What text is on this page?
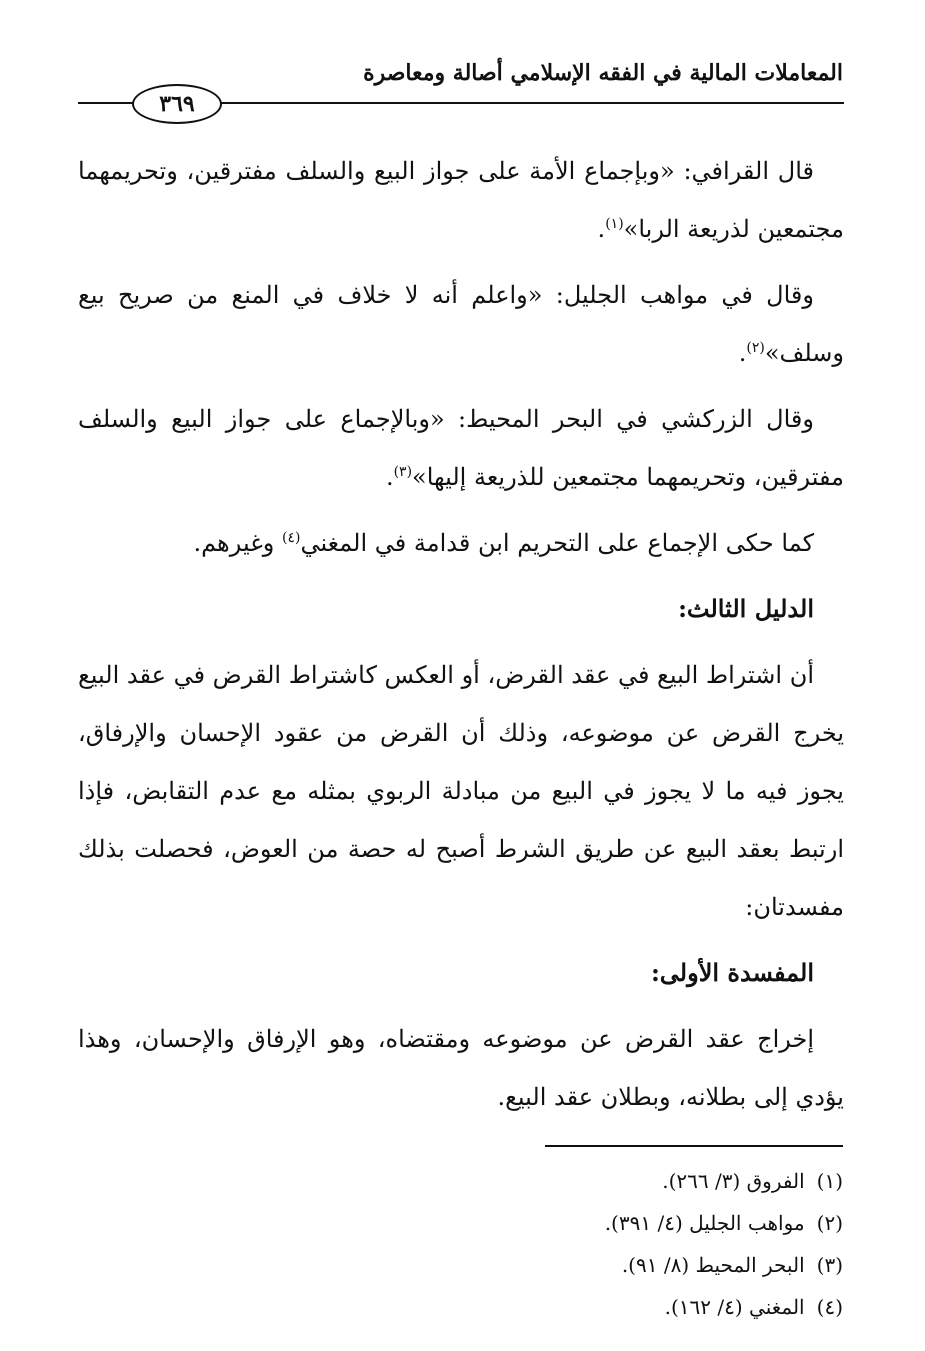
المعاملات المالية في الفقه الإسلامي أصالة ومعاصرة
٣٦٩

قال القرافي: «وبإجماع الأمة على جواز البيع والسلف مفترقين، وتحريمهما مجتمعين لذريعة الربا»$^{(١)}$.

وقال في مواهب الجليل: «واعلم أنه لا خلاف في المنع من صريح بيع وسلف»$^{(٢)}$.

وقال الزركشي في البحر المحيط: «وبالإجماع على جواز البيع والسلف مفترقين، وتحريمهما مجتمعين للذريعة إليها»$^{(٣)}$.

كما حكى الإجماع على التحريم ابن قدامة في المغني$^{(٤)}$ وغيرهم.

الدليل الثالث:

أن اشتراط البيع في عقد القرض، أو العكس كاشتراط القرض في عقد البيع يخرج القرض عن موضوعه، وذلك أن القرض من عقود الإحسان والإرفاق، يجوز فيه ما لا يجوز في البيع من مبادلة الربوي بمثله مع عدم التقابض، فإذا ارتبط بعقد البيع عن طريق الشرط أصبح له حصة من العوض، فحصلت بذلك مفسدتان:

المفسدة الأولى:

إخراج عقد القرض عن موضوعه ومقتضاه، وهو الإرفاق والإحسان، وهذا يؤدي إلى بطلانه، وبطلان عقد البيع.

(١)الفروق (٣/ ٢٦٦).

(٢)مواهب الجليل (٤/ ٣٩١).

(٣)البحر المحيط (٨/ ٩١).

(٤)المغني (٤/ ١٦٢).
